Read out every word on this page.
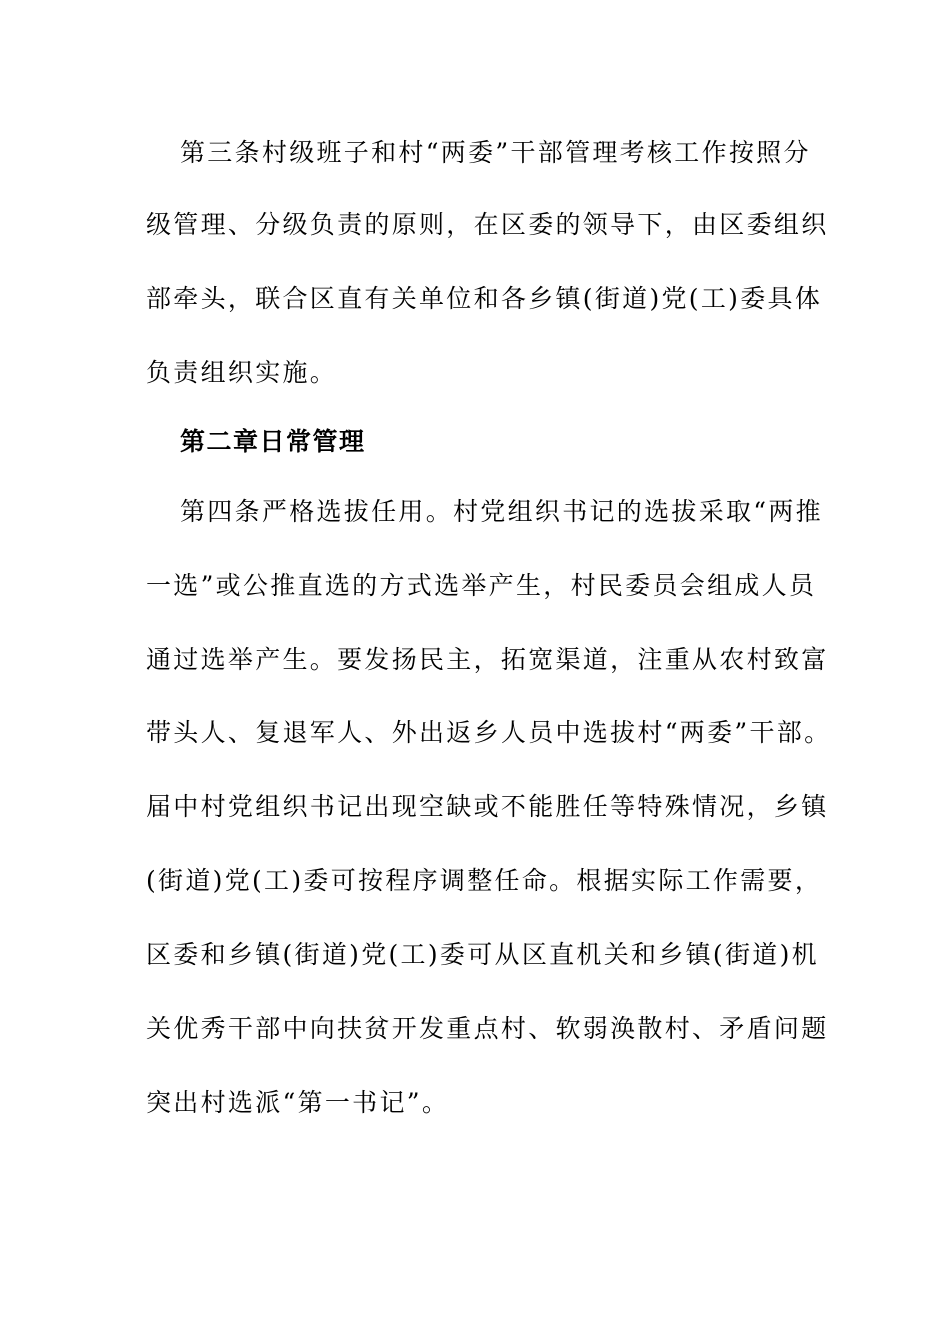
第三条村级班子和村“两委”干部管理考核工作按照分
级管理、分级负责的原则，在区委的领导下，由区委组织
部牵头，联合区直有关单位和各乡镇(街道)党(工)委具体
负责组织实施。
第二章日常管理
第四条严格选拔任用。村党组织书记的选拔采取“两推
一选”或公推直选的方式选举产生，村民委员会组成人员
通过选举产生。要发扬民主，拓宽渠道，注重从农村致富
带头人、复退军人、外出返乡人员中选拔村“两委”干部。
届中村党组织书记出现空缺或不能胜任等特殊情况，乡镇
(街道)党(工)委可按程序调整任命。根据实际工作需要，
区委和乡镇(街道)党(工)委可从区直机关和乡镇(街道)机
关优秀干部中向扶贫开发重点村、软弱涣散村、矛盾问题
突出村选派“第一书记”。
